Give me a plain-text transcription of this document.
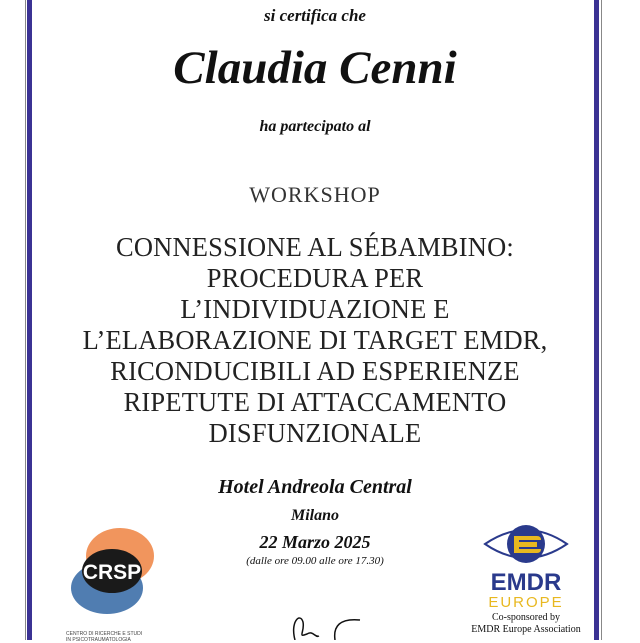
si certifica che
Claudia Cenni
ha partecipato al
WORKSHOP
CONNESSIONE AL SÉBAMBINO:
PROCEDURA PER
L’INDIVIDUAZIONE E
L’ELABORAZIONE DI TARGET EMDR,
RICONDUCIBILI AD ESPERIENZE
RIPETUTE DI ATTACCAMENTO
DISFUNZIONALE
Hotel Andreola Central
Milano
22 Marzo 2025
(dalle ore 09.00 alle ore 17.30)
CRSP
CENTRO DI RICERCHE E STUDI
IN PSICOTRAUMATOLOGIA
EMDR
EUROPE
Co-sponsored by
EMDR Europe Association
